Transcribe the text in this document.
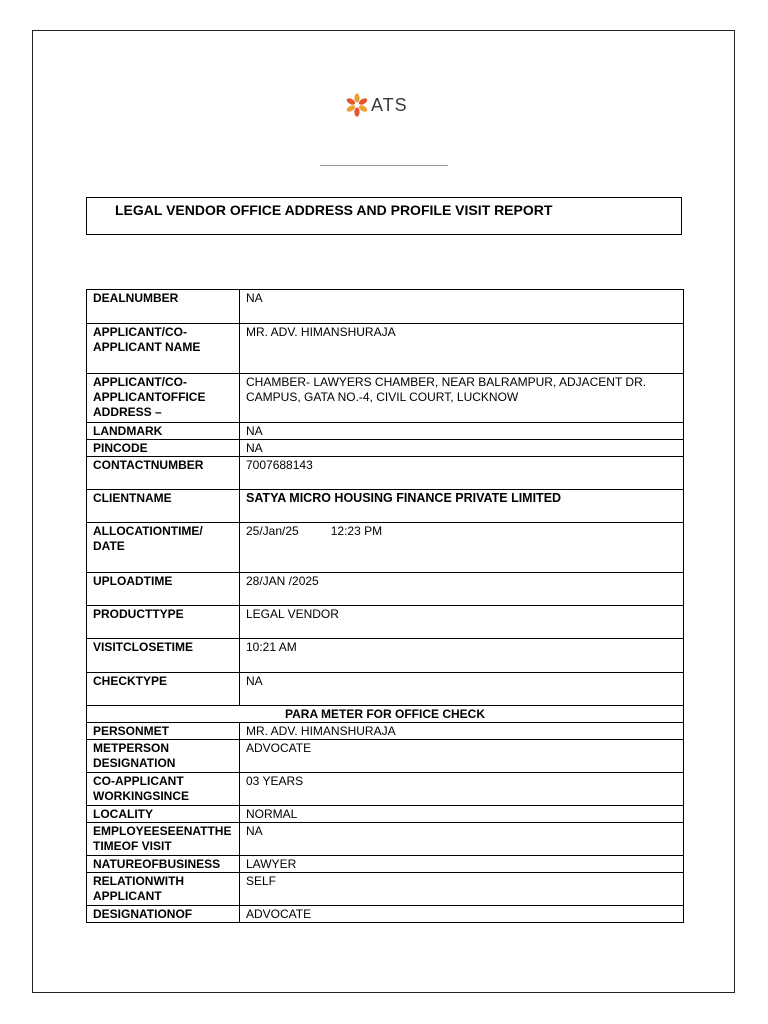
ATS
LEGAL VENDOR OFFICE ADDRESS AND PROFILE VISIT REPORT
DEALNUMBER	NA
APPLICANT/CO-APPLICANT NAME	MR. ADV. HIMANSHURAJA
APPLICANT/CO-APPLICANTOFFICE ADDRESS –	CHAMBER- LAWYERS CHAMBER, NEAR BALRAMPUR, ADJACENT DR. CAMPUS, GATA NO.-4, CIVIL COURT, LUCKNOW
LANDMARK	NA
PINCODE	NA
CONTACTNUMBER	7007688143
CLIENTNAME	SATYA MICRO HOUSING FINANCE PRIVATE LIMITED
ALLOCATIONTIME/ DATE	25/Jan/25 12:23 PM
UPLOADTIME	28/JAN /2025
PRODUCTTYPE	LEGAL VENDOR
VISITCLOSETIME	10:21 AM
CHECKTYPE	NA
PARA METER FOR OFFICE CHECK	
PERSONMET	MR. ADV. HIMANSHURAJA
METPERSON DESIGNATION	ADVOCATE
CO-APPLICANT WORKINGSINCE	03 YEARS
LOCALITY	NORMAL
EMPLOYEESEENATTHE TIMEOF VISIT	NA
NATUREOFBUSINESS	LAWYER
RELATIONWITH APPLICANT	SELF
DESIGNATIONOF	ADVOCATE
